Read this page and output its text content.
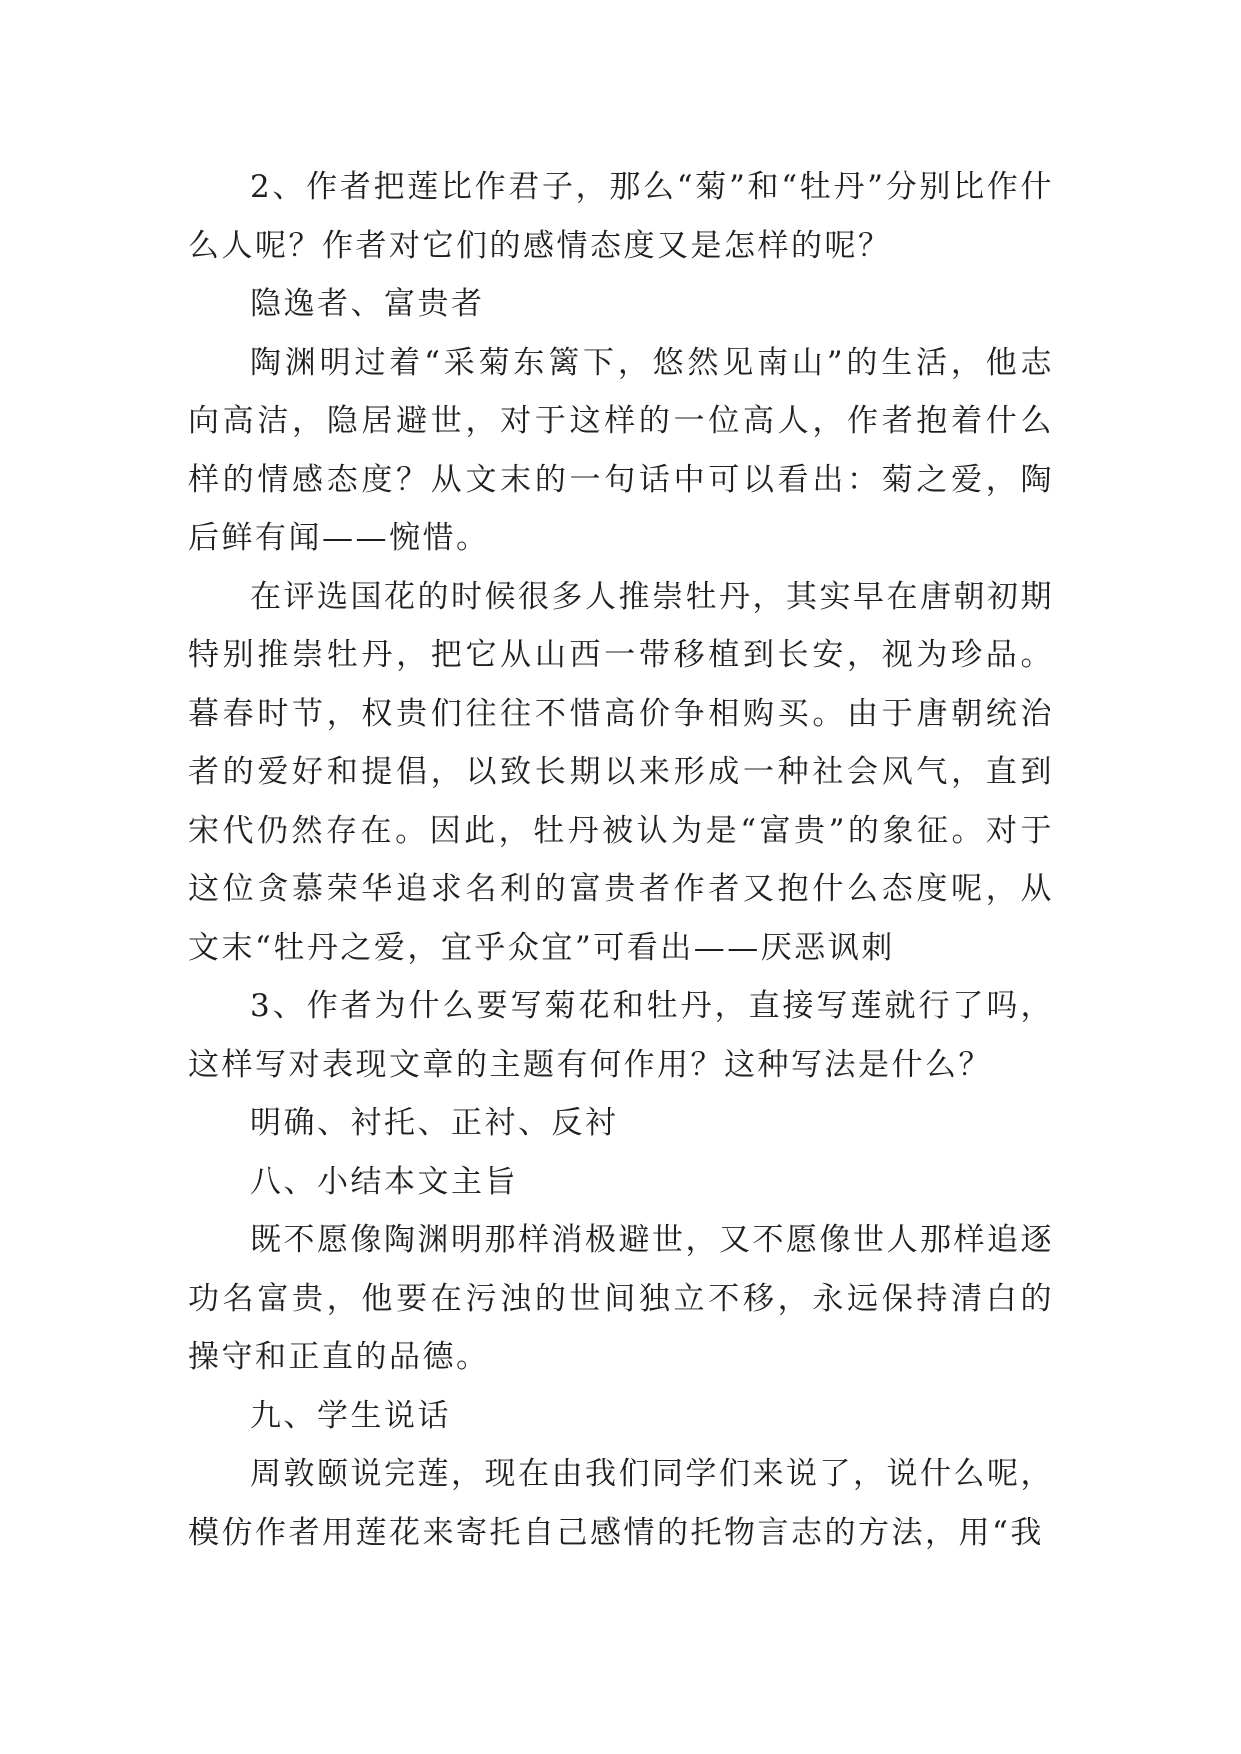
2、作者把莲比作君子，那么“菊”和“牡丹”分别比作什么人呢？作者对它们的感情态度又是怎样的呢？

隐逸者、富贵者

陶渊明过着“采菊东篱下，悠然见南山”的生活，他志向高洁，隐居避世，对于这样的一位高人，作者抱着什么样的情感态度？从文末的一句话中可以看出：菊之爱，陶后鲜有闻——惋惜。

在评选国花的时候很多人推崇牡丹，其实早在唐朝初期特别推崇牡丹，把它从山西一带移植到长安，视为珍品。暮春时节，权贵们往往不惜高价争相购买。由于唐朝统治者的爱好和提倡，以致长期以来形成一种社会风气，直到宋代仍然存在。因此，牡丹被认为是“富贵”的象征。对于这位贪慕荣华追求名利的富贵者作者又抱什么态度呢，从文末“牡丹之爱，宜乎众宜”可看出——厌恶讽刺

3、作者为什么要写菊花和牡丹，直接写莲就行了吗，这样写对表现文章的主题有何作用？这种写法是什么？

明确、衬托、正衬、反衬

八、小结本文主旨

既不愿像陶渊明那样消极避世，又不愿像世人那样追逐功名富贵，他要在污浊的世间独立不移，永远保持清白的操守和正直的品德。

九、学生说话

周敦颐说完莲，现在由我们同学们来说了，说什么呢，模仿作者用莲花来寄托自己感情的托物言志的方法，用“我
